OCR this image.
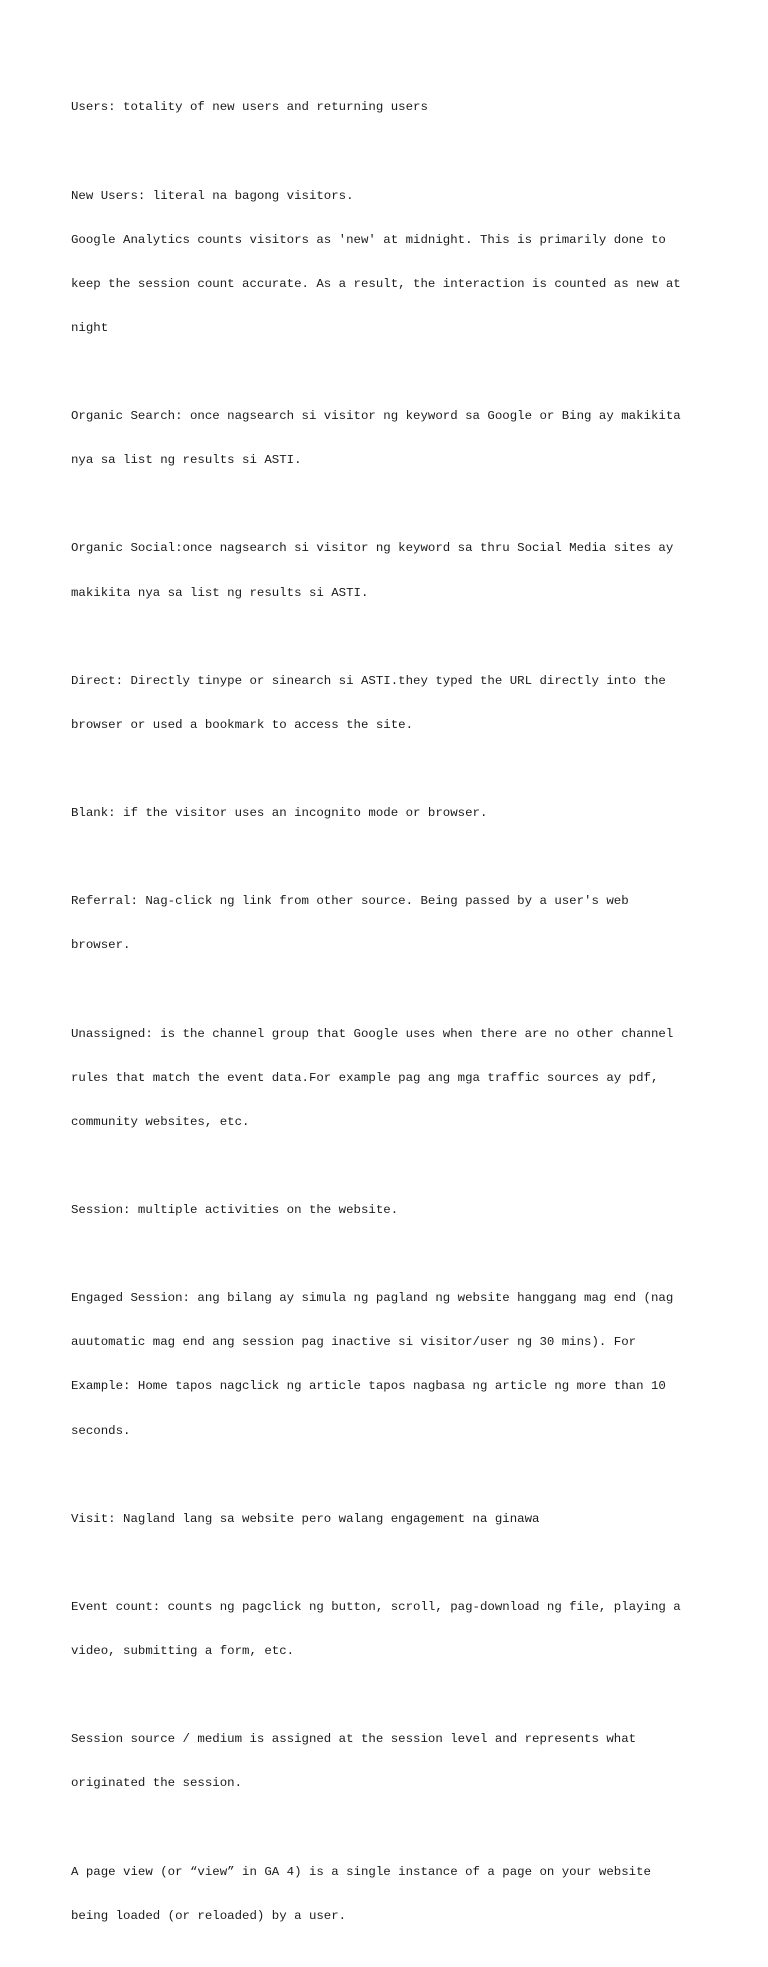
Users: totality of new users and returning users

New Users: literal na bagong visitors.

Google Analytics counts visitors as 'new' at midnight. This is primarily done to

keep the session count accurate. As a result, the interaction is counted as new at

night

Organic Search: once nagsearch si visitor ng keyword sa Google or Bing ay makikita

nya sa list ng results si ASTI.

Organic Social:once nagsearch si visitor ng keyword sa thru Social Media sites ay

makikita nya sa list ng results si ASTI.

Direct: Directly tinype or sinearch si ASTI.they typed the URL directly into the

browser or used a bookmark to access the site.

Blank: if the visitor uses an incognito mode or browser.

Referral: Nag-click ng link from other source. Being passed by a user's web

browser.

Unassigned: is the channel group that Google uses when there are no other channel

rules that match the event data.For example pag ang mga traffic sources ay pdf,

community websites, etc.

Session: multiple activities on the website.

Engaged Session: ang bilang ay simula ng pagland ng website hanggang mag end (nag

auutomatic mag end ang session pag inactive si visitor/user ng 30 mins). For

Example: Home tapos nagclick ng article tapos nagbasa ng article ng more than 10

seconds.

Visit: Nagland lang sa website pero walang engagement na ginawa

Event count: counts ng pagclick ng button, scroll, pag-download ng file, playing a

video, submitting a form, etc.

Session source / medium is assigned at the session level and represents what

originated the session.

A page view (or “view” in GA 4) is a single instance of a page on your website

being loaded (or reloaded) by a user.
